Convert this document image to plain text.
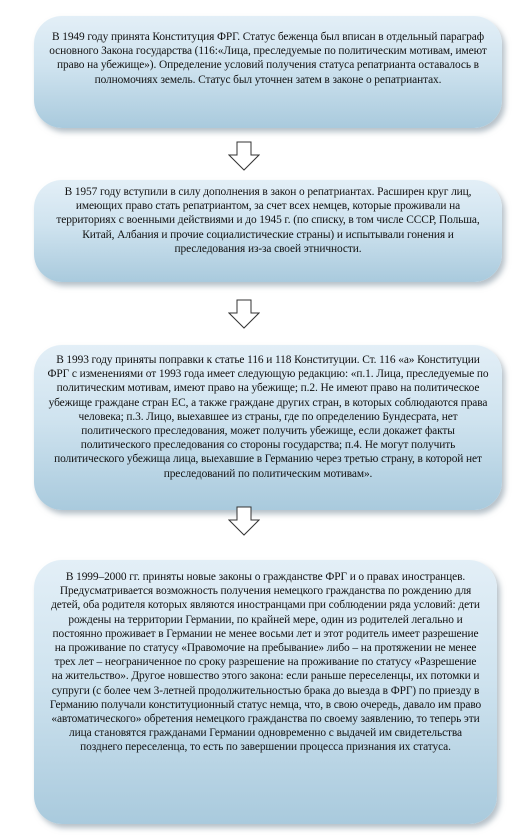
В 1949 году принята Конституция ФРГ. Статус беженца был вписан в отдельный параграф основного Закона государства (116:«Лица, преследуемые по политическим мотивам, имеют право на убежище»). Определение условий получения статуса репатрианта оставалось в полномочиях земель. Статус был уточнен затем в законе о репатриантах.
В 1957 году вступили в силу дополнения в закон о репатриантах. Расширен круг лиц, имеющих право стать репатриантом, за счет всех немцев, которые проживали на территориях с военными действиями и до 1945 г. (по списку, в том числе СССР, Польша, Китай, Албания и прочие социалистические страны) и испытывали гонения и преследования из-за своей этничности.
В 1993 году приняты поправки к статье 116 и 118 Конституции. Ст. 116 «а» Конституции ФРГ с изменениями от 1993 года имеет следующую редакцию: «п.1. Лица, преследуемые по политическим мотивам, имеют право на убежище; п.2. Не имеют право на политическое убежище граждане стран ЕС, а также граждане других стран, в которых соблюдаются права человека; п.3. Лицо, выехавшее из страны, где по определению Бундесрата, нет политического преследования, может получить убежище, если докажет факты политического преследования со стороны государства; п.4. Не могут получить политического убежища лица, выехавшие в Германию через третью страну, в которой нет преследований по политическим мотивам».
В 1999–2000 гг. приняты новые законы о гражданстве ФРГ и о правах иностранцев. Предусматривается возможность получения немецкого гражданства по рождению для детей, оба родителя которых являются иностранцами при соблюдении ряда условий: дети рождены на территории Германии, по крайней мере, один из родителей легально и постоянно проживает в Германии не менее восьми лет и этот родитель имеет разрешение на проживание по статусу «Правомочие на пребывание» либо – на протяжении не менее трех лет – неограниченное по сроку разрешение на проживание по статусу «Разрешение на жительство». Другое новшество этого закона: если раньше переселенцы, их потомки и супруги (с более чем 3-летней продолжительностью брака до выезда в ФРГ) по приезду в Германию получали конституционный статус немца, что, в свою очередь, давало им право «автоматического» обретения немецкого гражданства по своему заявлению, то теперь эти лица становятся гражданами Германии одновременно с выдачей им свидетельства позднего переселенца, то есть по завершении процесса признания их статуса.
